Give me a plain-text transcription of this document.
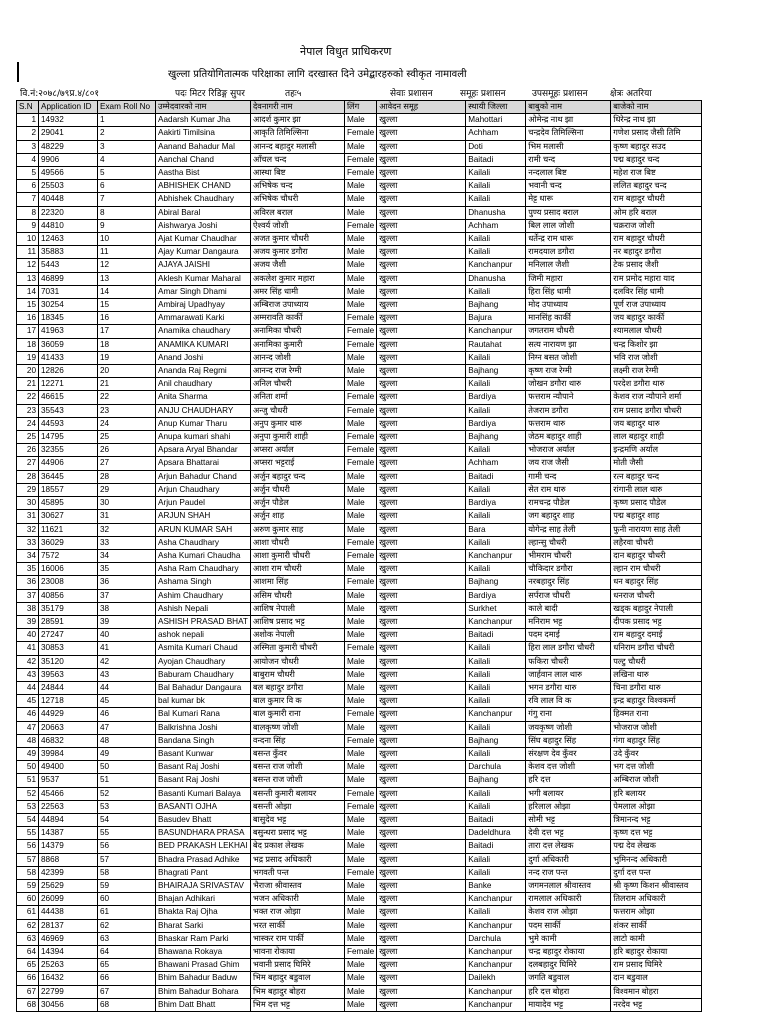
नेपाल विधुत प्राधिकरण
खुल्ला प्रतियोगितात्मक परिक्षाका लागि दरखास्त दिने उमेद्बारहरुको स्वीकृत नामावली
वि.नं:२०७८/७९प्र.४/८०१	पदः मिटर रिडिङ्ग सुपर	तहः५	सेवाः प्रशासन	समूहः प्रशासन	उपसमूहः प्रशासन क्षेत्रः अतरिया
S.N	Application ID	Exam Roll No	उम्मेदवारको नाम	देवनागरी नाम	लिंग	आवेदन समूह	स्थायी जिल्ला	बाबुको नाम	बाजेको नाम
1	14932	1	Aadarsh Kumar Jha	आदर्श कुमार झा	Male	खुल्ला	Mahottari	ओमेन्द्र नाथ झा	धिरेन्द्र नाथ झा
2	29041	2	Aakirti Timilsina	आकृति तिमिल्सिना	Female	खुल्ला	Achham	चन्द्रदेव तिमिल्सिना	गणेश प्रसाद जैसी तिमि
3	48229	3	Aanand Bahadur Mal	आनन्द बहादुर मलासी	Male	खुल्ला	Doti	भिम मलासी	कृष्ण बहादुर सउद
4	9906	4	Aanchal Chand	आँचल चन्द	Female	खुल्ला	Baitadi	रामी चन्द	पद्म बहादुर चन्द
5	49566	5	Aastha Bist	आस्था बिष्ट	Female	खुल्ला	Kailali	नन्दलाल बिष्ट	महेश राज बिष्ट
6	25503	6	ABHISHEK CHAND	अभिषेक चन्द	Male	खुल्ला	Kailali	भवानी चन्द	ललित बहादुर चन्द
7	40448	7	Abhishek Chaudhary	अभिषेक चौधरी	Male	खुल्ला	Kailali	मेट्ट धारू	राम बहादुर चौधरी
8	22320	8	Abiral Baral	अविरल बराल	Male	खुल्ला	Dhanusha	पुण्य प्रसाद बराल	ओम हरि बराल
9	44810	9	Aishwarya Joshi	ऐश्वर्य जोशी	Female	खुल्ला	Achham	बिल लाल जोशी	चक्रराज जोशी
10	12463	10	Ajat Kumar Chaudhar	अजत कुमार चौधरी	Male	खुल्ला	Kailali	धर्तेन्द्र राम धारू	राम बहादुर चौधरी
11	35883	11	Ajay Kumar Dangaura	अजय कुमार डगौरा	Male	खुल्ला	Kailali	रामदयाल डगौरा	नर बहादुर डगौरा
12	5443	12	AJAYA JAISHI	अजय जैशी	Male	खुल्ला	Kanchanpur	मनिलाल जैशी	टेक प्रसाद जैशी
13	46899	13	Aklesh Kumar Maharal	अकलेश कुमार महारा	Male	खुल्ला	Dhanusha	जिमी महारा	राम प्रमोद महारा याद
14	7031	14	Amar Singh Dhami	अमर सिंह धामी	Male	खुल्ला	Kailali	हिरा सिंह धामी	दलविर सिंह धामी
15	30254	15	Ambiraj Upadhyay	अम्बिराज उपाध्याय	Male	खुल्ला	Bajhang	मोद उपाध्याय	पूर्ण राज उपाध्याय
16	18345	16	Ammarawati Karki	अम्मरावति कार्की	Female	खुल्ला	Bajura	मानसिंह कार्की	जय बहादुर कार्की
17	41963	17	Anamika chaudhary	अनामिका चौधरी	Female	खुल्ला	Kanchanpur	जगतराम चौधरी	श्यामलाल चौधरी
18	36059	18	ANAMIKA KUMARI	अनामिका कुमारी	Female	खुल्ला	Rautahat	सत्य नारायण झा	चन्द्र किशोर झा
19	41433	19	Anand Joshi	आनन्द जोशी	Male	खुल्ला	Kailali	निग्न बसत जोशी	भवि राज जोशी
20	12826	20	Ananda Raj Regmi	आनन्द राज रेग्मी	Male	खुल्ला	Bajhang	कृष्ण राज रेग्मी	लक्ष्मी राज रेग्मी
21	12271	21	Anil chaudhary	अनिल चौधरी	Male	खुल्ला	Kailali	जोखन डगौरा थारु	परदेश डगौरा थारु
22	46615	22	Anita Sharma	अनिता शर्मा	Female	खुल्ला	Bardiya	फत्तराम न्यौपाने	केशव राज न्यौपाने शर्मा
23	35543	23	ANJU CHAUDHARY	अन्जु चौधरी	Female	खुल्ला	Kailali	तेजराम डगौरा	राम प्रसाद डगौरा चौधरी
24	44593	24	Anup Kumar Tharu	अनुप कुमार थारु	Male	खुल्ला	Bardiya	फत्तराम थारु	जय बहादुर थारु
25	14795	25	Anupa kumari shahi	अनुपा कुमारी शाही	Female	खुल्ला	Bajhang	जेठम बहादुर शाही	लाल बहादुर शाही
26	32355	26	Apsara Aryal Bhandar	अप्सरा अर्याल	Female	खुल्ला	Kailali	भोजराज अर्याल	इन्द्रमणि अर्याल
27	44906	27	Apsara Bhattarai	अप्सरा भट्टराई	Female	खुल्ला	Achham	जय राज जैसी	मोती जैसी
28	36445	28	Arjun Bahadur Chand	अर्जुन बहादुर चन्द	Male	खुल्ला	Baitadi	गामी चन्द	रत्न बहादुर चन्द
29	18557	29	Arjun Chaudhary	अर्जुन चौधरी	Male	खुल्ला	Kailali	सेत राम थारु	रांगानी लाल थारु
30	45895	30	Arjun Paudel	अर्जुन पौडेल	Male	खुल्ला	Bardiya	रामचन्द्र पौडेल	कृष्ण प्रसाद पौडेल
31	30627	31	ARJUN SHAH	अर्जुन शाह	Male	खुल्ला	Kailali	जग बहादुर शाह	पद्म बहादुर शाह
32	11621	32	ARUN KUMAR SAH	अरुण कुमार साह	Male	खुल्ला	Bara	योगेन्द्र साह तेली	फुनी नारायण साह तेली
33	36029	33	Asha Chaudhary	आशा चौधरी	Female	खुल्ला	Kailali	ल्हान्सु चौधरी	लहैरवा चौधरी
34	7572	34	Asha Kumari Chaudha	आशा कुमारी चौधरी	Female	खुल्ला	Kanchanpur	भीमराम चौधरी	दान बहादुर चौधरी
35	16006	35	Asha Ram Chaudhary	आशा राम चौधरी	Male	खुल्ला	Kailali	चौकिदार डगौरा	ल्हान राम चौधरी
36	23008	36	Ashama Singh	आशमा सिंह	Female	खुल्ला	Bajhang	नरबहादुर सिंह	धन बहादुर सिंह
37	40856	37	Ashim Chaudhary	असिम चौधरी	Male	खुल्ला	Bardiya	सर्पराज चौधरी	धनराज चौधरी
38	35179	38	Ashish Nepali	आशिष नेपाली	Male	खुल्ला	Surkhet	काले बादी	खड्क बहादुर नेपाली
39	28591	39	ASHISH PRASAD BHAT	आशिष प्रसाद भट्ट	Male	खुल्ला	Kanchanpur	मनिराम भट्ट	दीपक प्रसाद भट्ट
40	27247	40	ashok nepali	अशोक नेपाली	Male	खुल्ला	Baitadi	पदम दमाई	राम बहादुर दमाई
41	30853	41	Asmita Kumari Chaud	अस्मिता कुमारी चौधरी	Female	खुल्ला	Kailali	हिरा लाल डगौरा चौधरी	धनिराम डगौरा चौधरी
42	35120	42	Ayojan Chaudhary	आयोजन चौधरी	Male	खुल्ला	Kailali	फकिरा चौधरी	पल्टु चौधरी
43	39563	43	Baburam Chaudhary	बाबुराम चौधरी	Male	खुल्ला	Kailali	जार्हवान लाल थारु	लखिना थारु
44	24844	44	Bal Bahadur Dangaura	बल बहादुर डगौरा	Male	खुल्ला	Kailali	भगन डगौरा थारु	चिना डगौरा थारु
45	12718	45	bal kumar bk	बाल कुमार वि क	Male	खुल्ला	Kailali	रवि लाल वि क	इन्द्र बहादुर विश्वकर्मा
46	44929	46	Bal Kumari Rana	बाल कुमारी राना	Female	खुल्ला	Kanchanpur	गंगु राना	हिक्मत राना
47	20663	47	Balkrishna Joshi	बालकृष्ण जोशी	Male	खुल्ला	Kailali	जयकृष्ण जोशी	भोजराज जोशी
48	46832	48	Bandana Singh	वन्दना सिंह	Female	खुल्ला	Bajhang	सिंघ बहादुर सिंह	गंगा बहादुर सिंह
49	39984	49	Basant Kunwar	बसन्त कुँवर	Male	खुल्ला	Kailali	संरक्षण देव कुँवर	उदे कुँवर
50	49400	50	Basant Raj Joshi	बसन्त राज जोशी	Male	खुल्ला	Darchula	केशव दत्त जोशी	भग दत्त जोशी
51	9537	51	Basant Raj Joshi	बसन्त राज जोशी	Male	खुल्ला	Bajhang	हरि दत्त	अम्बिराज जोशी
52	45466	52	Basanti Kumari Balaya	बसन्ती कुमारी बलायर	Female	खुल्ला	Kailali	भगी बलायर	हरि बलायर
53	22563	53	BASANTI OJHA	बसन्ती ओझा	Female	खुल्ला	Kailali	हरिलाल ओझा	पेमलाल ओझा
54	44894	54	Basudev Bhatt	बासुदेव भट्ट	Male	खुल्ला	Baitadi	सोमी भट्ट	त्रिमानन्द भट्ट
55	14387	55	BASUNDHARA PRASA	बसुन्धरा प्रसाद भट्ट	Male	खुल्ला	Dadeldhura	देवी दत्त भट्ट	कृष्ण दत्त भट्ट
56	14379	56	BED PRAKASH LEKHAI	बेद प्रकाश लेखक	Male	खुल्ला	Baitadi	तारा दत्त लेखक	पद्म देव लेखक
57	8868	57	Bhadra Prasad Adhike	भद्र प्रसाद अधिकारी	Male	खुल्ला	Kailali	दुर्गा अधिकारी	भुमिनन्द अधिकारी
58	42399	58	Bhagrati Pant	भगवती पन्त	Female	खुल्ला	Kailali	नन्द राज पन्त	दुर्गा दत्त पन्त
59	25629	59	BHAIRAJA SRIVASTAV	भैराजा श्रीवास्तव	Male	खुल्ला	Banke	जगमनलाल श्रीवास्तव	श्री कृष्ण किशन श्रीवास्तव
60	26099	60	Bhajan Adhikari	भजन अधिकारी	Male	खुल्ला	Kanchanpur	रामलाल अधिकारी	तिलराम अधिकारी
61	44438	61	Bhakta Raj Ojha	भक्त राज ओझा	Male	खुल्ला	Kailali	केशव राज ओझा	फत्तराम ओझा
62	28137	62	Bharat Sarki	भरत सार्की	Male	खुल्ला	Kanchanpur	पदम सार्की	शंकर सार्की
63	46969	63	Bhaskar Ram Parki	भास्कर राम पार्की	Male	खुल्ला	Darchula	भुमे कामी	लाटो कामी
64	14394	64	Bhawana Rokaya	भावना रोकाया	Female	खुल्ला	Kanchanpur	चन्द्र बहादुर रोकाया	हरि बहादुर रोकाया
65	25263	65	Bhawani Prasad Ghim	भवानी प्रसाद घिमिरे	Male	खुल्ला	Kanchanpur	दलबहादुर घिमिरे	राम प्रसाद घिमिरे
66	16432	66	Bhim Bahadur Baduw	भिम बहादुर बडुवाल	Male	खुल्ला	Dailekh	जगति बडुवाल	दान बडुवाल
67	22799	67	Bhim Bahadur Bohara	भिम बहादुर बोहरा	Male	खुल्ला	Kanchanpur	हरि दत्त बोहरा	विश्वमान बोहरा
68	30456	68	Bhim Datt Bhatt	भिम दत्त भट्ट	Male	खुल्ला	Kanchanpur	मायादेव भट्ट	नरदेव भट्ट
